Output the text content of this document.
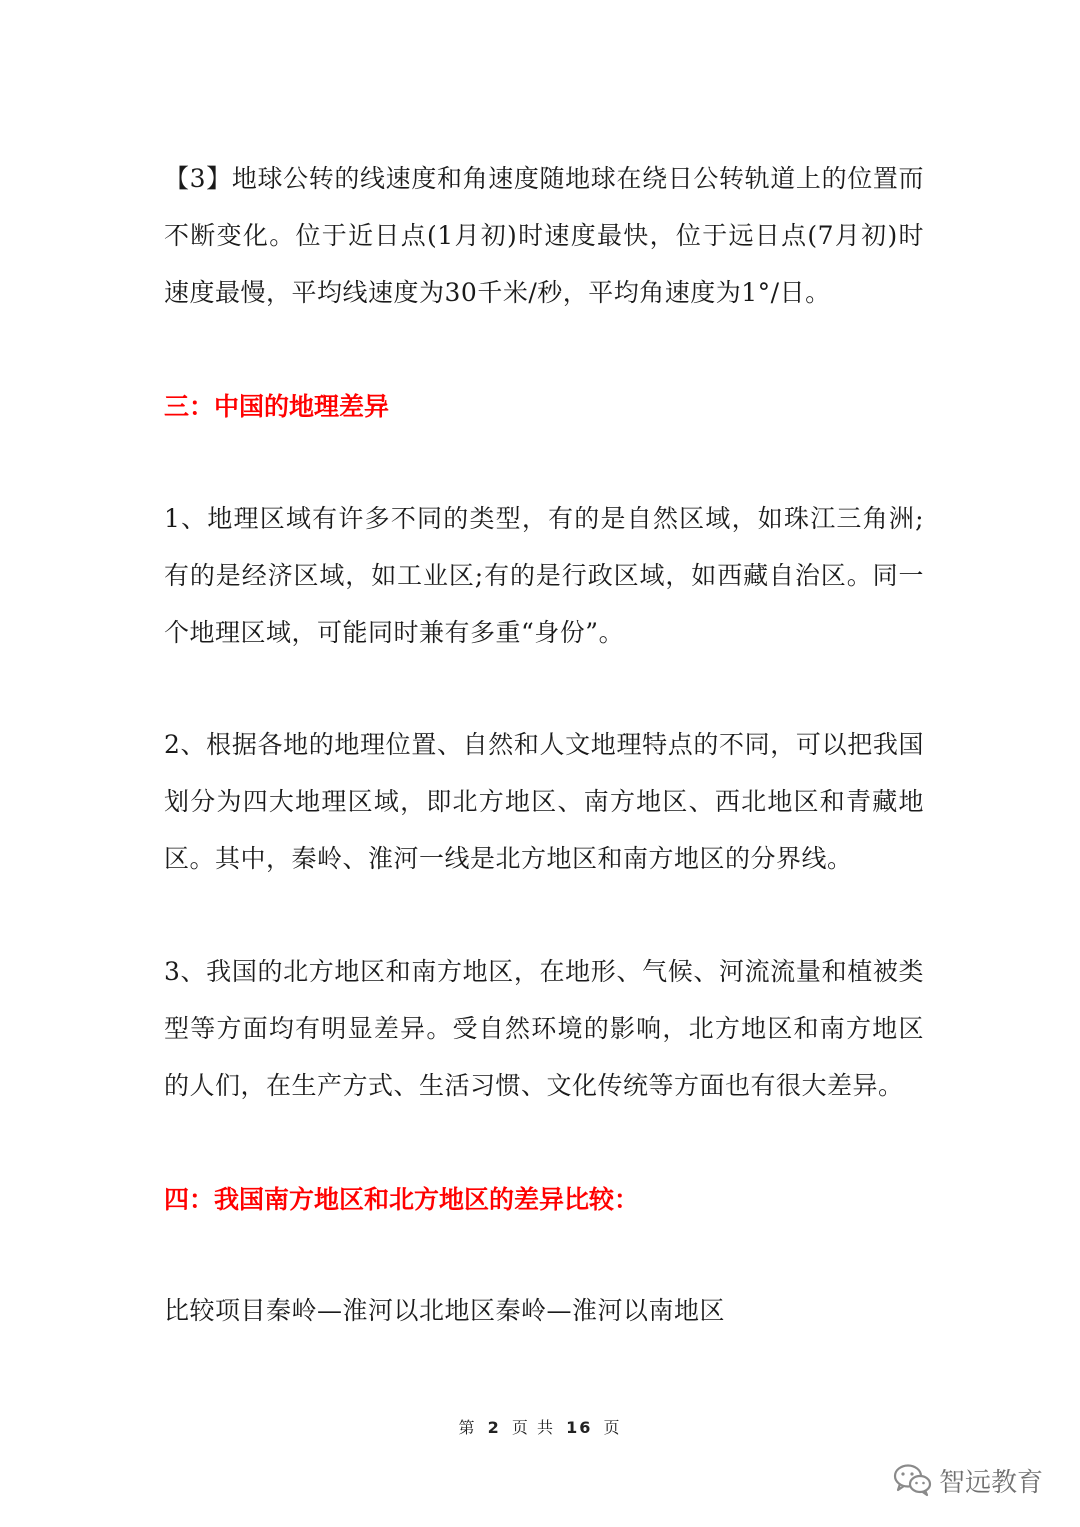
【3】地球公转的线速度和角速度随地球在绕日公转轨道上的位置而不断变化。位于近日点(1月初)时速度最快，位于远日点(7月初)时速度最慢，平均线速度为30千米/秒，平均角速度为1°/日。

三：中国的地理差异

1、地理区域有许多不同的类型，有的是自然区域，如珠江三角洲;有的是经济区域，如工业区;有的是行政区域，如西藏自治区。同一个地理区域，可能同时兼有多重“身份”。

2、根据各地的地理位置、自然和人文地理特点的不同，可以把我国划分为四大地理区域，即北方地区、南方地区、西北地区和青藏地区。其中，秦岭、淮河一线是北方地区和南方地区的分界线。

3、我国的北方地区和南方地区，在地形、气候、河流流量和植被类型等方面均有明显差异。受自然环境的影响，北方地区和南方地区的人们，在生产方式、生活习惯、文化传统等方面也有很大差异。

四：我国南方地区和北方地区的差异比较：

比较项目秦岭—淮河以北地区秦岭—淮河以南地区

第 2 页 共 16 页
智远教育
